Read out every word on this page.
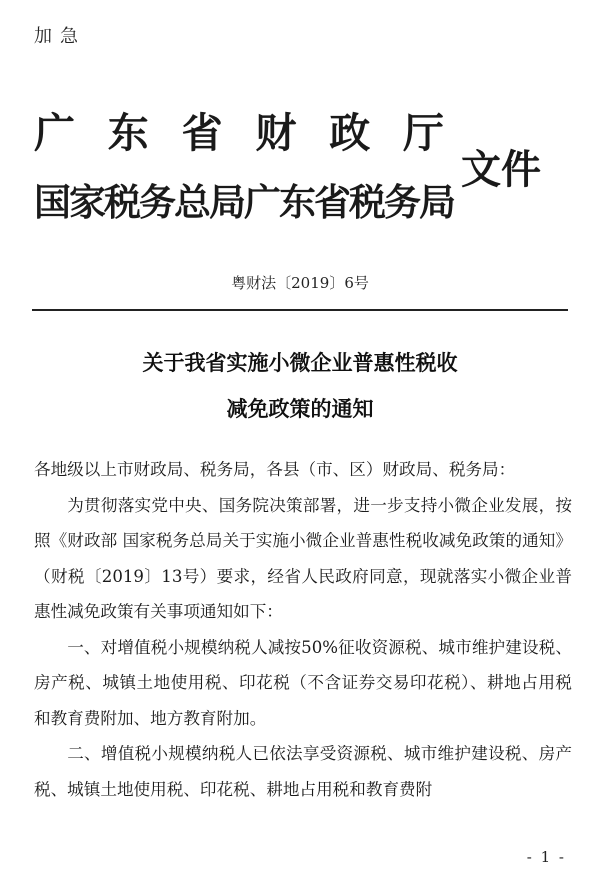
加急
广 东 省 财 政 厅
国家税务总局广东省税务局
文件
粤财法〔2019〕6号
关于我省实施小微企业普惠性税收
减免政策的通知

各地级以上市财政局、税务局，各县（市、区）财政局、税务局：

为贯彻落实党中央、国务院决策部署，进一步支持小微企业发展，按照《财政部 国家税务总局关于实施小微企业普惠性税收减免政策的通知》（财税〔2019〕13号）要求，经省人民政府同意，现就落实小微企业普惠性减免政策有关事项通知如下：

一、对增值税小规模纳税人减按50%征收资源税、城市维护建设税、房产税、城镇土地使用税、印花税（不含证券交易印花税）、耕地占用税和教育费附加、地方教育附加。

二、增值税小规模纳税人已依法享受资源税、城市维护建设税、房产税、城镇土地使用税、印花税、耕地占用税和教育费附

- 1 -
